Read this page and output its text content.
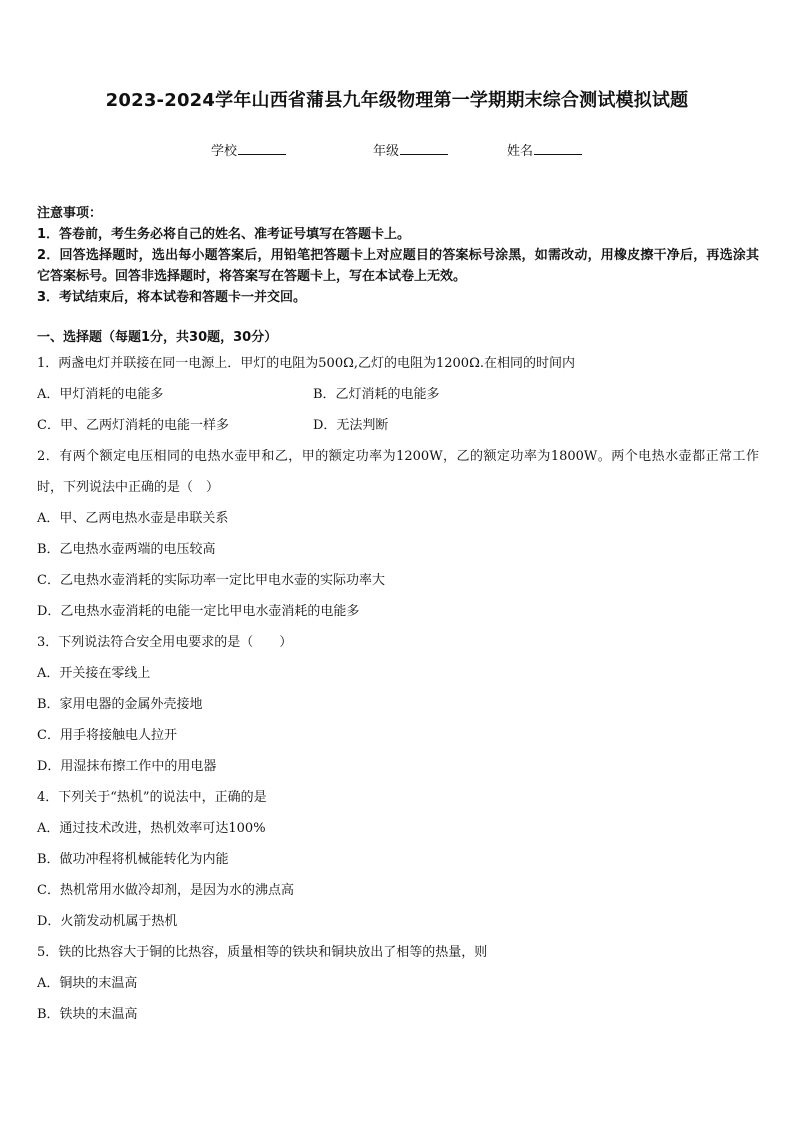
2023-2024学年山西省蒲县九年级物理第一学期期末综合测试模拟试题
学校	年级	姓名
注意事项：
1．答卷前，考生务必将自己的姓名、准考证号填写在答题卡上。
2．回答选择题时，选出每小题答案后，用铅笔把答题卡上对应题目的答案标号涂黑，如需改动，用橡皮擦干净后，再选涂其它答案标号。回答非选择题时，将答案写在答题卡上，写在本试卷上无效。
3．考试结束后，将本试卷和答题卡一并交回。
一、选择题（每题1分，共30题，30分）
1．两盏电灯并联接在同一电源上．甲灯的电阻为500Ω,乙灯的电阻为1200Ω.在相同的时间内
A．甲灯消耗的电能多	B．乙灯消耗的电能多
C．甲、乙两灯消耗的电能一样多	D．无法判断
2．有两个额定电压相同的电热水壶甲和乙，甲的额定功率为1200W，乙的额定功率为1800W。两个电热水壶都正常工作时，下列说法中正确的是（　）
A．甲、乙两电热水壶是串联关系
B．乙电热水壶两端的电压较高
C．乙电热水壶消耗的实际功率一定比甲电水壶的实际功率大
D．乙电热水壶消耗的电能一定比甲电水壶消耗的电能多
3．下列说法符合安全用电要求的是（　　）
A．开关接在零线上
B．家用电器的金属外壳接地
C．用手将接触电人拉开
D．用湿抹布擦工作中的用电器
4．下列关于“热机”的说法中，正确的是
A．通过技术改进，热机效率可达100%
B．做功冲程将机械能转化为内能
C．热机常用水做冷却剂，是因为水的沸点高
D．火箭发动机属于热机
5．铁的比热容大于铜的比热容，质量相等的铁块和铜块放出了相等的热量，则
A．铜块的末温高
B．铁块的末温高
